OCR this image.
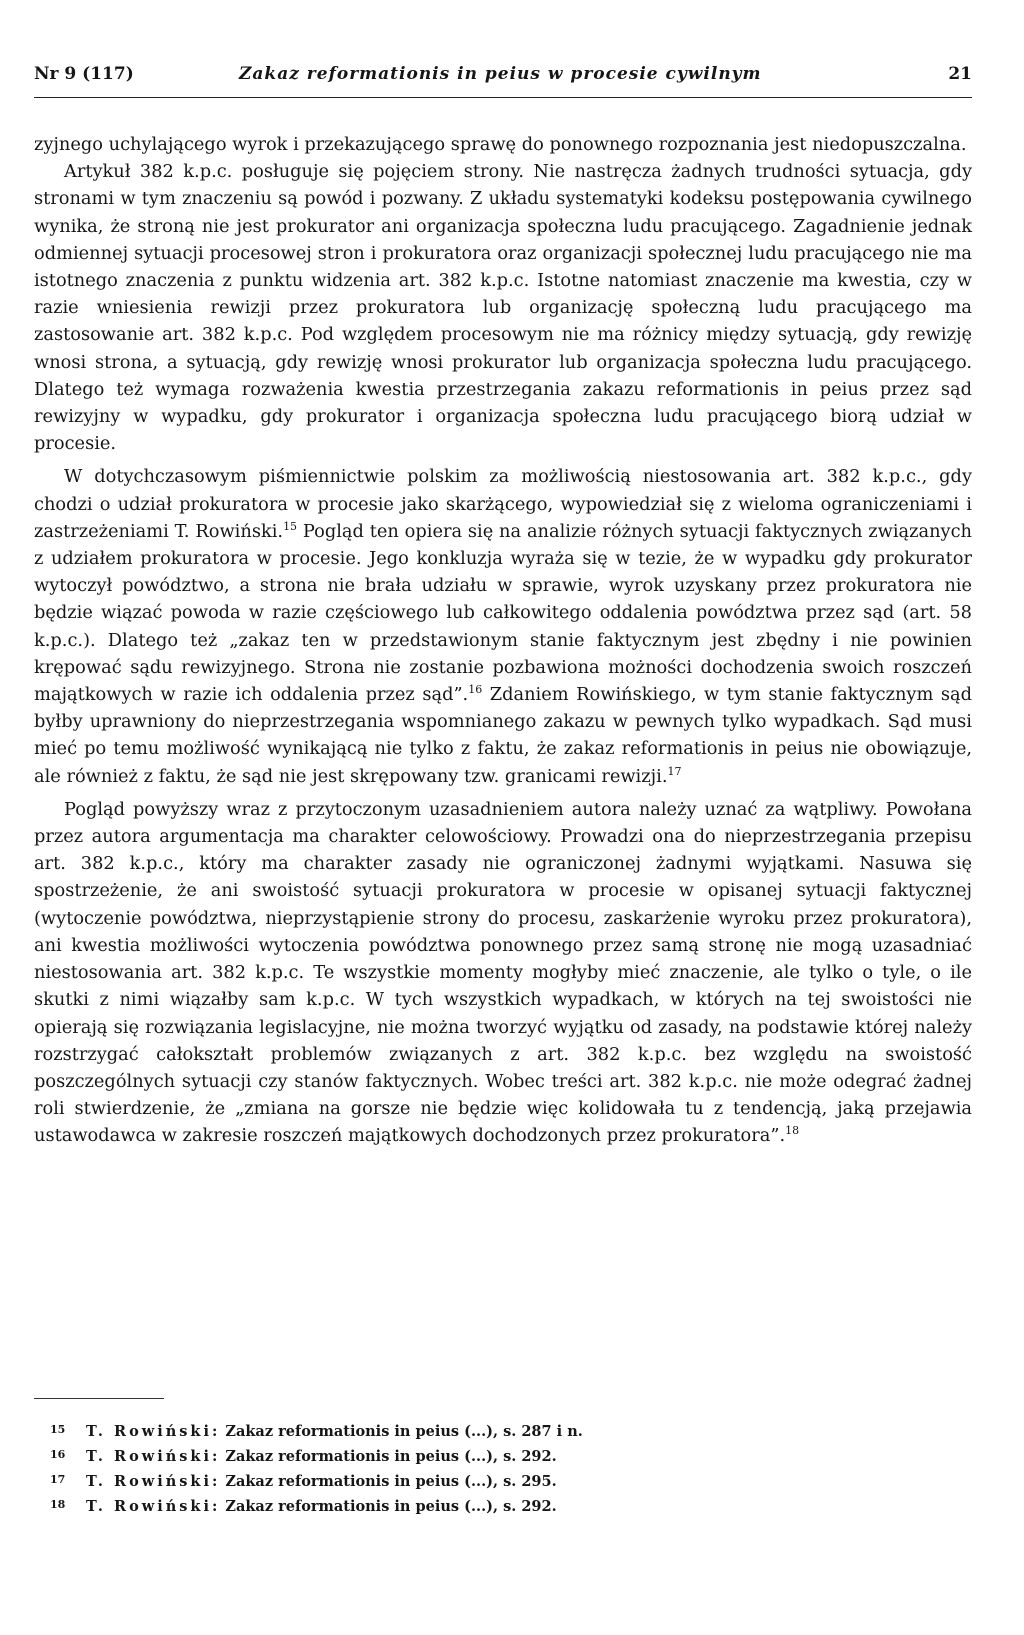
Nr 9 (117)	Zakaz reformationis in peius w procesie cywilnym	21

zyjnego uchylającego wyrok i przekazującego sprawę do ponownego rozpoznania jest niedopuszczalna.

Artykuł 382 k.p.c. posługuje się pojęciem strony. Nie nastręcza żadnych trudności sytuacja, gdy stronami w tym znaczeniu są powód i pozwany. Z układu systematyki kodeksu postępowania cywilnego wynika, że stroną nie jest prokurator ani organizacja społeczna ludu pracującego. Zagadnienie jednak odmiennej sytuacji procesowej stron i prokuratora oraz organizacji społecznej ludu pracującego nie ma istotnego znaczenia z punktu widzenia art. 382 k.p.c. Istotne natomiast znaczenie ma kwestia, czy w razie wniesienia rewizji przez prokuratora lub organizację społeczną ludu pracującego ma zastosowanie art. 382 k.p.c. Pod względem procesowym nie ma różnicy między sytuacją, gdy rewizję wnosi strona, a sytuacją, gdy rewizję wnosi prokurator lub organizacja społeczna ludu pracującego. Dlatego też wymaga rozważenia kwestia przestrzegania zakazu reformationis in peius przez sąd rewizyjny w wypadku, gdy prokurator i organizacja społeczna ludu pracującego biorą udział w procesie.

W dotychczasowym piśmiennictwie polskim za możliwością niestosowania art. 382 k.p.c., gdy chodzi o udział prokuratora w procesie jako skarżącego, wypowiedział się z wieloma ograniczeniami i zastrzeżeniami T. Rowiński.$^{15}$ Pogląd ten opiera się na analizie różnych sytuacji faktycznych związanych z udziałem prokuratora w procesie. Jego konkluzja wyraża się w tezie, że w wypadku gdy prokurator wytoczył powództwo, a strona nie brała udziału w sprawie, wyrok uzyskany przez prokuratora nie będzie wiązać powoda w razie częściowego lub całkowitego oddalenia powództwa przez sąd (art. 58 k.p.c.). Dlatego też „zakaz ten w przedstawionym stanie faktycznym jest zbędny i nie powinien krępować sądu rewizyjnego. Strona nie zostanie pozbawiona możności dochodzenia swoich roszczeń majątkowych w razie ich oddalenia przez sąd”.$^{16}$ Zdaniem Rowińskiego, w tym stanie faktycznym sąd byłby uprawniony do nieprzestrzegania wspomnianego zakazu w pewnych tylko wypadkach. Sąd musi mieć po temu możliwość wynikającą nie tylko z faktu, że zakaz reformationis in peius nie obowiązuje, ale również z faktu, że sąd nie jest skrępowany tzw. granicami rewizji.$^{17}$

Pogląd powyższy wraz z przytoczonym uzasadnieniem autora należy uznać za wątpliwy. Powołana przez autora argumentacja ma charakter celowościowy. Prowadzi ona do nieprzestrzegania przepisu art. 382 k.p.c., który ma charakter zasady nie ograniczonej żadnymi wyjątkami. Nasuwa się spostrzeżenie, że ani swoistość sytuacji prokuratora w procesie w opisanej sytuacji faktycznej (wytoczenie powództwa, nieprzystąpienie strony do procesu, zaskarżenie wyroku przez prokuratora), ani kwestia możliwości wytoczenia powództwa ponownego przez samą stronę nie mogą uzasadniać niestosowania art. 382 k.p.c. Te wszystkie momenty mogłyby mieć znaczenie, ale tylko o tyle, o ile skutki z nimi wiązałby sam k.p.c. W tych wszystkich wypadkach, w których na tej swoistości nie opierają się rozwiązania legislacyjne, nie można tworzyć wyjątku od zasady, na podstawie której należy rozstrzygać całokształt problemów związanych z art. 382 k.p.c. bez względu na swoistość poszczególnych sytuacji czy stanów faktycznych. Wobec treści art. 382 k.p.c. nie może odegrać żadnej roli stwierdzenie, że „zmiana na gorsze nie będzie więc kolidowała tu z tendencją, jaką przejawia ustawodawca w zakresie roszczeń majątkowych dochodzonych przez prokuratora”.$^{18}$

15 T. Rowiński: Zakaz reformationis in peius (...), s. 287 i n.
16 T. Rowiński: Zakaz reformationis in peius (...), s. 292.
17 T. Rowiński: Zakaz reformationis in peius (...), s. 295.
18 T. Rowiński: Zakaz reformationis in peius (...), s. 292.
